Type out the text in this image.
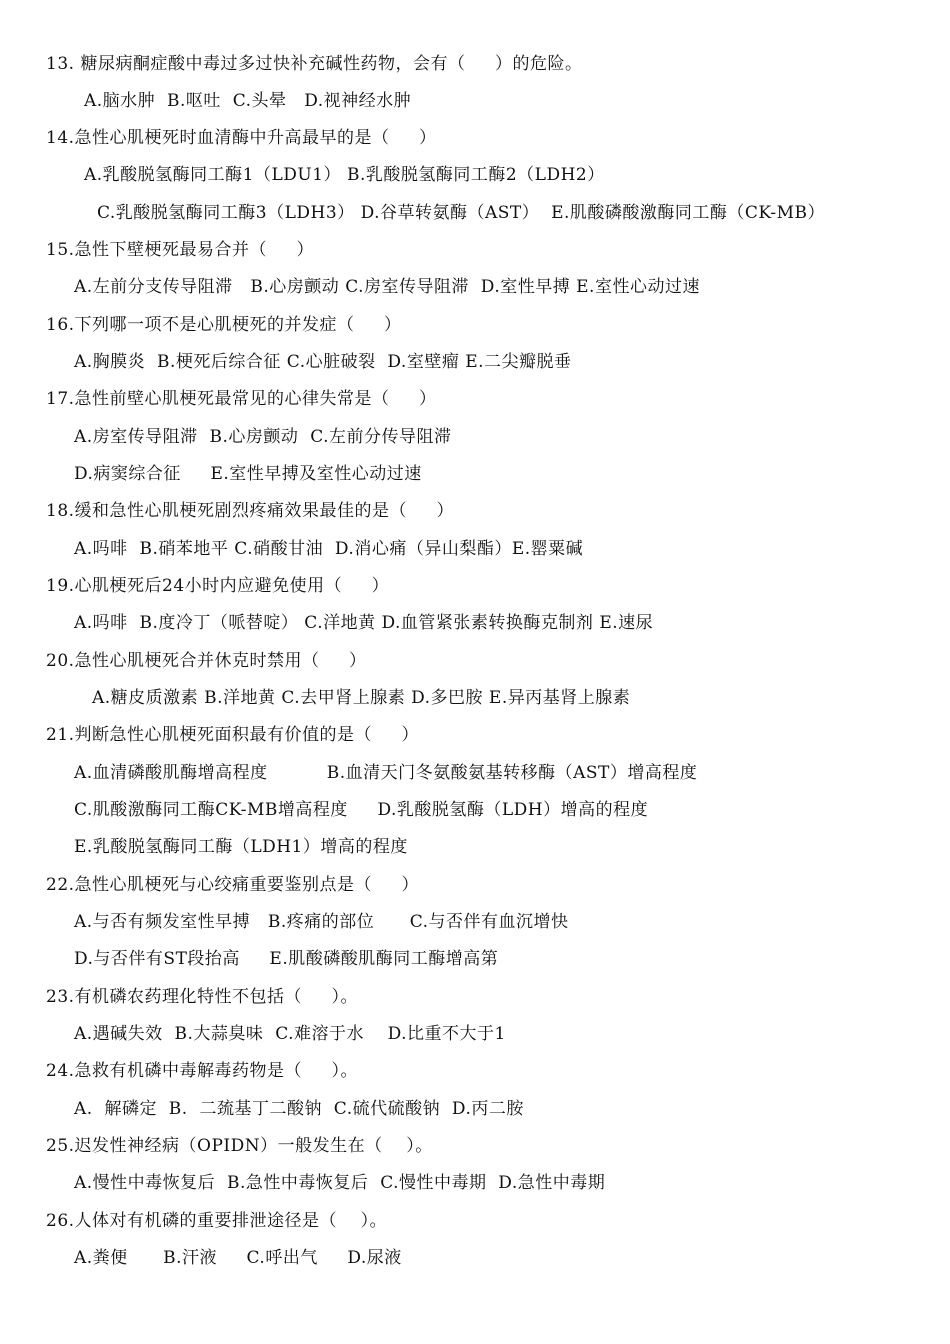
13. 糖尿病酮症酸中毒过多过快补充碱性药物，会有（     ）的危险。
A.脑水肿  B.呕吐  C.头晕   D.视神经水肿
14.急性心肌梗死时血清酶中升高最早的是（     ）
A.乳酸脱氢酶同工酶1（LDU1） B.乳酸脱氢酶同工酶2（LDH2）
C.乳酸脱氢酶同工酶3（LDH3） D.谷草转氨酶（AST）  E.肌酸磷酸激酶同工酶（CK-MB）
15.急性下壁梗死最易合并（     ）
A.左前分支传导阻滞   B.心房颤动 C.房室传导阻滞  D.室性早搏 E.室性心动过速
16.下列哪一项不是心肌梗死的并发症（     ）
A.胸膜炎  B.梗死后综合征 C.心脏破裂  D.室壁瘤 E.二尖瓣脱垂
17.急性前壁心肌梗死最常见的心律失常是（     ）
A.房室传导阻滞  B.心房颤动  C.左前分传导阻滞
D.病窦综合征     E.室性早搏及室性心动过速
18.缓和急性心肌梗死剧烈疼痛效果最佳的是（     ）
A.吗啡  B.硝苯地平 C.硝酸甘油  D.消心痛（异山梨酯）E.罂粟碱
19.心肌梗死后24小时内应避免使用（     ）
A.吗啡  B.度冷丁（哌替啶） C.洋地黄 D.血管紧张素转换酶克制剂 E.速尿
20.急性心肌梗死合并休克时禁用（     ）
A.糖皮质激素 B.洋地黄 C.去甲肾上腺素 D.多巴胺 E.异丙基肾上腺素
21.判断急性心肌梗死面积最有价值的是（     ）
A.血清磷酸肌酶增高程度          B.血清天门冬氨酸氨基转移酶（AST）增高程度
C.肌酸激酶同工酶CK-MB增高程度     D.乳酸脱氢酶（LDH）增高的程度
E.乳酸脱氢酶同工酶（LDH1）增高的程度
22.急性心肌梗死与心绞痛重要鉴别点是（     ）
A.与否有频发室性早搏   B.疼痛的部位      C.与否伴有血沉增快
D.与否伴有ST段抬高     E.肌酸磷酸肌酶同工酶增高第
23.有机磷农药理化特性不包括（     ）。
A.遇碱失效  B.大蒜臭味  C.难溶于水    D.比重不大于1
24.急救有机磷中毒解毒药物是（     ）。
A.  解磷定  B.  二巯基丁二酸钠  C.硫代硫酸钠  D.丙二胺
25.迟发性神经病（OPIDN）一般发生在（    ）。
A.慢性中毒恢复后  B.急性中毒恢复后  C.慢性中毒期  D.急性中毒期
26.人体对有机磷的重要排泄途径是（    ）。
A.粪便      B.汗液     C.呼出气     D.尿液
